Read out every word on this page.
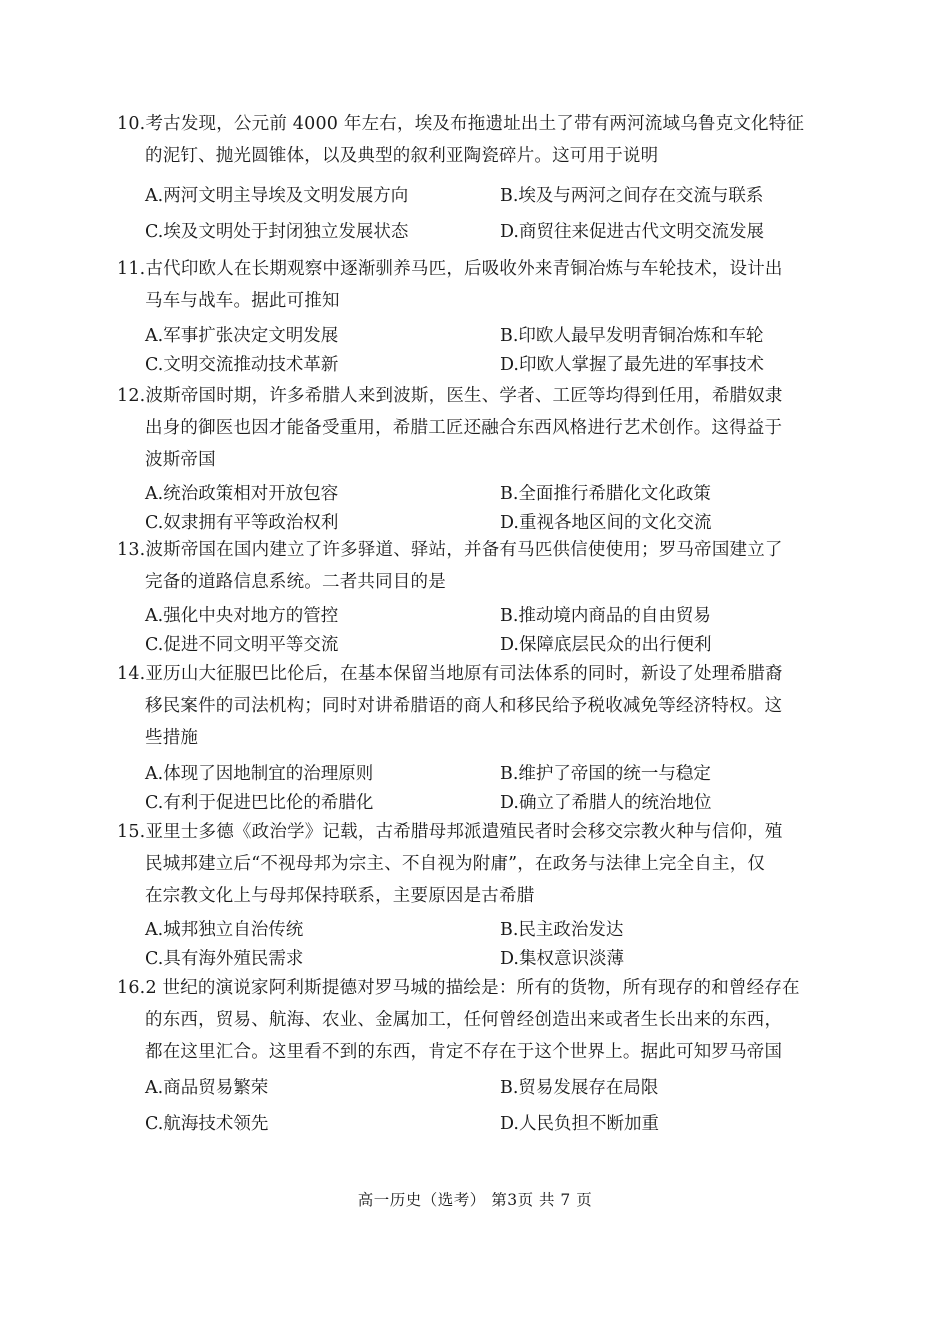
10.考古发现，公元前 4000 年左右，埃及布拖遗址出土了带有两河流域乌鲁克文化特征
的泥钉、抛光圆锥体，以及典型的叙利亚陶瓷碎片。这可用于说明
A.两河文明主导埃及文明发展方向	B.埃及与两河之间存在交流与联系
C.埃及文明处于封闭独立发展状态	D.商贸往来促进古代文明交流发展
11.古代印欧人在长期观察中逐渐驯养马匹，后吸收外来青铜冶炼与车轮技术，设计出
马车与战车。据此可推知
A.军事扩张决定文明发展	B.印欧人最早发明青铜冶炼和车轮
C.文明交流推动技术革新	D.印欧人掌握了最先进的军事技术
12.波斯帝国时期，许多希腊人来到波斯，医生、学者、工匠等均得到任用，希腊奴隶
出身的御医也因才能备受重用，希腊工匠还融合东西风格进行艺术创作。这得益于
波斯帝国
A.统治政策相对开放包容	B.全面推行希腊化文化政策
C.奴隶拥有平等政治权利	D.重视各地区间的文化交流
13.波斯帝国在国内建立了许多驿道、驿站，并备有马匹供信使使用；罗马帝国建立了
完备的道路信息系统。二者共同目的是
A.强化中央对地方的管控	B.推动境内商品的自由贸易
C.促进不同文明平等交流	D.保障底层民众的出行便利
14.亚历山大征服巴比伦后，在基本保留当地原有司法体系的同时，新设了处理希腊裔
移民案件的司法机构；同时对讲希腊语的商人和移民给予税收减免等经济特权。这
些措施
A.体现了因地制宜的治理原则	B.维护了帝国的统一与稳定
C.有利于促进巴比伦的希腊化	D.确立了希腊人的统治地位
15.亚里士多德《政治学》记载，古希腊母邦派遣殖民者时会移交宗教火种与信仰，殖
民城邦建立后“不视母邦为宗主、不自视为附庸”，在政务与法律上完全自主，仅
在宗教文化上与母邦保持联系，主要原因是古希腊
A.城邦独立自治传统	B.民主政治发达
C.具有海外殖民需求	D.集权意识淡薄
16.2 世纪的演说家阿利斯提德对罗马城的描绘是：所有的货物，所有现存的和曾经存在
的东西，贸易、航海、农业、金属加工，任何曾经创造出来或者生长出来的东西，
都在这里汇合。这里看不到的东西，肯定不存在于这个世界上。据此可知罗马帝国
A.商品贸易繁荣	B.贸易发展存在局限
C.航海技术领先	D.人民负担不断加重
高一历史（选考） 第3页 共 7 页
